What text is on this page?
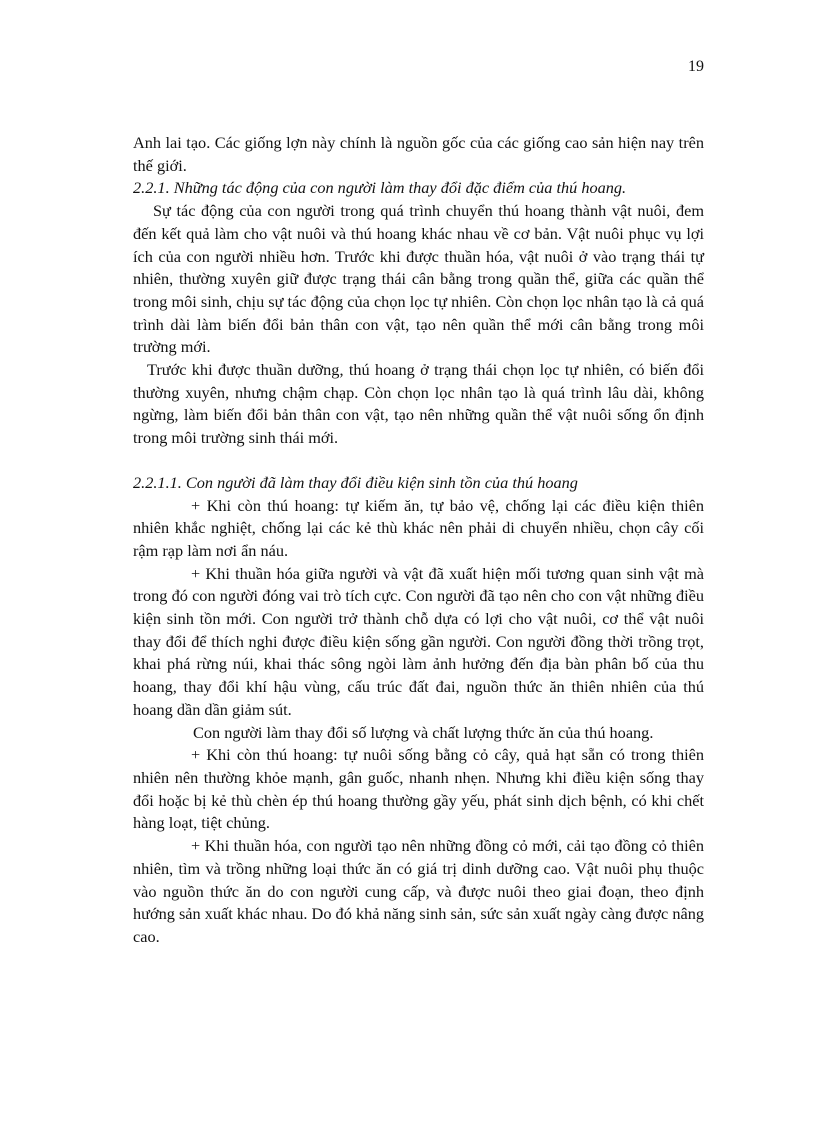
19

Anh lai tạo. Các giống lợn này chính là nguồn gốc của các giống cao sản hiện nay trên thế giới.

2.2.1. Những tác động của con người làm thay đổi đặc điểm của thú hoang.

Sự tác động của con người trong quá trình chuyển thú hoang thành vật nuôi, đem đến kết quả làm cho vật nuôi và thú hoang khác nhau về cơ bản. Vật nuôi phục vụ lợi ích của con người nhiều hơn. Trước khi được thuần hóa, vật nuôi ở vào trạng thái tự nhiên, thường xuyên giữ được trạng thái cân bằng trong quần thể, giữa các quần thể trong môi sinh, chịu sự tác động của chọn lọc tự nhiên. Còn chọn lọc nhân tạo là cả quá trình dài làm biến đổi bản thân con vật, tạo nên quần thể mới cân bằng trong môi trường mới.

Trước khi được thuần dưỡng, thú hoang ở trạng thái chọn lọc tự nhiên, có biến đổi thường xuyên, nhưng chậm chạp. Còn chọn lọc nhân tạo là quá trình lâu dài, không ngừng, làm biến đổi bản thân con vật, tạo nên những quần thể vật nuôi sống ổn định trong môi trường sinh thái mới.

2.2.1.1. Con người đã làm thay đổi điều kiện sinh tồn của thú hoang

+ Khi còn thú hoang: tự kiếm ăn, tự bảo vệ, chống lại các điều kiện thiên nhiên khắc nghiệt, chống lại các kẻ thù khác nên phải di chuyển nhiều, chọn cây cối rậm rạp làm nơi ẩn náu.

+ Khi thuần hóa giữa người và vật đã xuất hiện mối tương quan sinh vật mà trong đó con người đóng vai trò tích cực. Con người đã tạo nên cho con vật những điều kiện sinh tồn mới. Con người trở thành chỗ dựa có lợi cho vật nuôi, cơ thể vật nuôi thay đổi để thích nghi được điều kiện sống gần người. Con người đồng thời trồng trọt, khai phá rừng núi, khai thác sông ngòi làm ảnh hưởng đến địa bàn phân bố của thu hoang, thay đổi khí hậu vùng, cấu trúc đất đai, nguồn thức ăn thiên nhiên của thú hoang dần dần giảm sút.

Con người làm thay đổi số lượng và chất lượng thức ăn của thú hoang.

+ Khi còn thú hoang: tự nuôi sống bằng cỏ cây, quả hạt sẵn có trong thiên nhiên nên thường khỏe mạnh, gân guốc, nhanh nhẹn. Nhưng khi điều kiện sống thay đổi hoặc bị kẻ thù chèn ép thú hoang thường gầy yếu, phát sinh dịch bệnh, có khi chết hàng loạt, tiệt chủng.

+ Khi thuần hóa, con người tạo nên những đồng cỏ mới, cải tạo đồng cỏ thiên nhiên, tìm và trồng những loại thức ăn có giá trị dinh dưỡng cao. Vật nuôi phụ thuộc vào nguồn thức ăn do con người cung cấp, và được nuôi theo giai đoạn, theo định hướng sản xuất khác nhau. Do đó khả năng sinh sản, sức sản xuất ngày càng được nâng cao.
